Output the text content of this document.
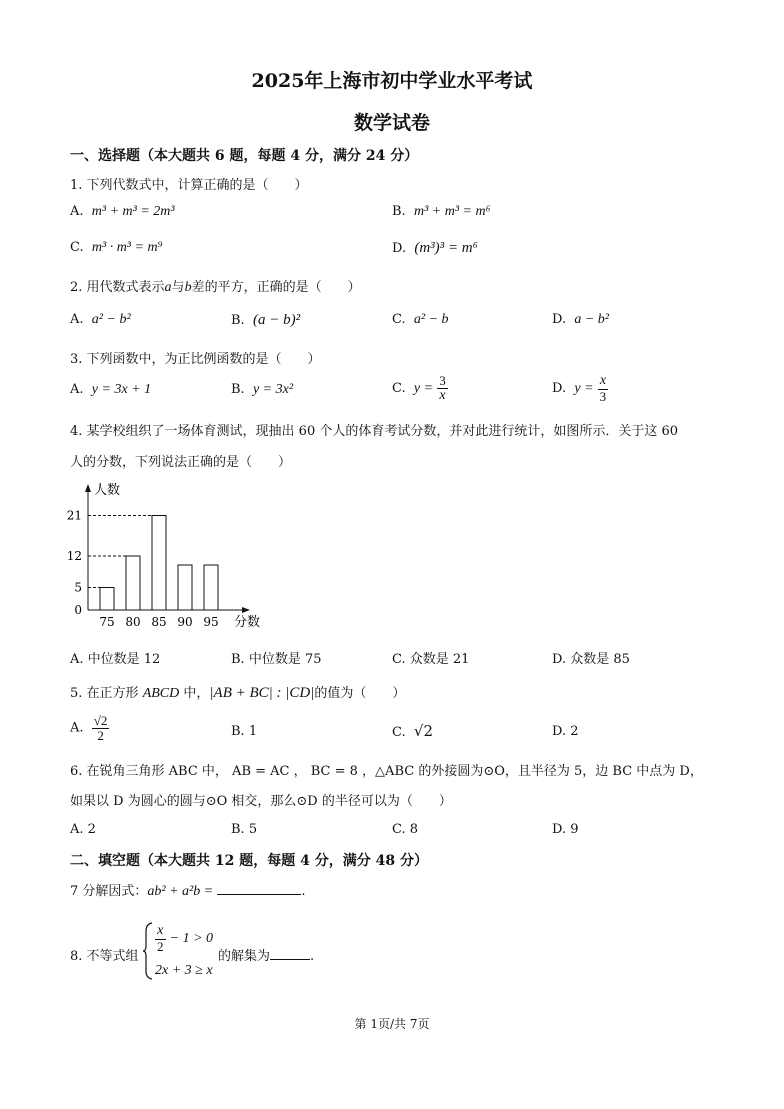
2025年上海市初中学业水平考试
数学试卷
一、选择题（本大题共 6 题，每题 4 分，满分 24 分）
1. 下列代数式中，计算正确的是（　　）
A. m³ + m³ = 2m³	B. m³ + m³ = m⁶
C. m³ · m³ = m⁹	D. (m³)³ = m⁶
2. 用代数式表示a与b差的平方，正确的是（　　）
A. a² − b²	B. (a − b)²	C. a² − b	D. a − b²
3. 下列函数中，为正比例函数的是（　　）
A. y = 3x + 1	B. y = 3x²	C. $y = \frac{3}{x}$	D. $y = \frac{x}{3}$
4. 某学校组织了一场体育测试，现抽出 60 个人的体育考试分数，并对此进行统计，如图所示．关于这 60
人的分数，下列说法正确的是（　　）
0
5
12
21
75 80 85 90 95
人数
分数
A. 中位数是 12	B. 中位数是 75	C. 众数是 21	D. 众数是 85
5. 在正方形 ABCD 中，|AB + BC| : |CD|的值为（　　）
A. $\frac{√2}{2}$	B. 1	C. √2	D. 2
6. 在锐角三角形 ABC 中， AB = AC ， BC = 8 ，△ABC 的外接圆为⊙O，且半径为 5，边 BC 中点为 D，
如果以 D 为圆心的圆与⊙O 相交，那么⊙D 的半径可以为（　　）
A. 2	B. 5	C. 8	D. 9
二、填空题（本大题共 12 题，每题 4 分，满分 48 分）
7 分解因式：ab² + a²b =	.
8. 不等式组
$\frac{x}{2} - 1 > 0$
2x + 3 ≥ x
的解集为	.
第 1页/共 7页
